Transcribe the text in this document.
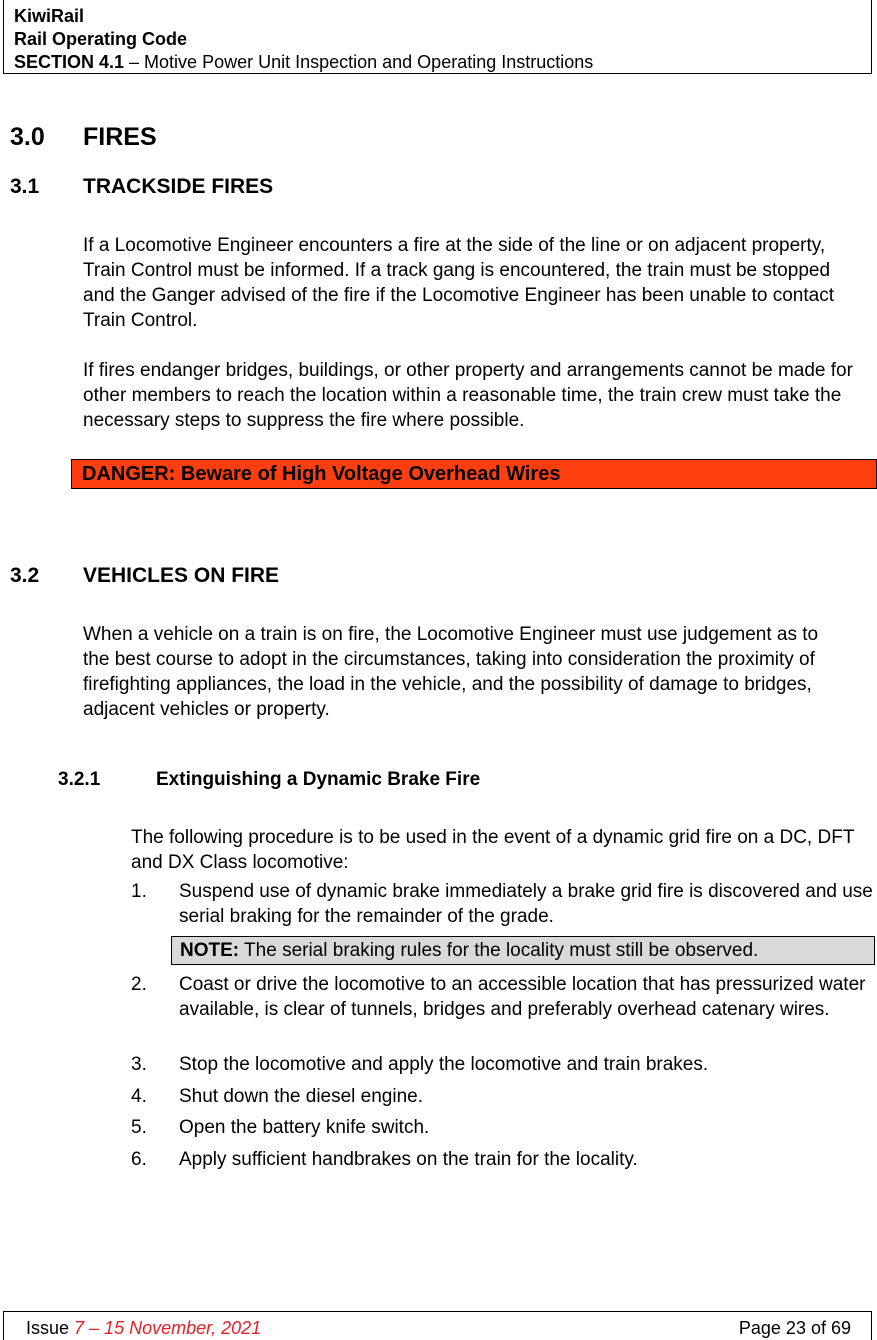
KiwiRail
Rail Operating Code
SECTION 4.1 – Motive Power Unit Inspection and Operating Instructions
3.0 FIRES
3.1 TRACKSIDE FIRES
If a Locomotive Engineer encounters a fire at the side of the line or on adjacent property, Train Control must be informed. If a track gang is encountered, the train must be stopped and the Ganger advised of the fire if the Locomotive Engineer has been unable to contact Train Control.
If fires endanger bridges, buildings, or other property and arrangements cannot be made for other members to reach the location within a reasonable time, the train crew must take the necessary steps to suppress the fire where possible.
DANGER: Beware of High Voltage Overhead Wires
3.2 VEHICLES ON FIRE
When a vehicle on a train is on fire, the Locomotive Engineer must use judgement as to the best course to adopt in the circumstances, taking into consideration the proximity of firefighting appliances, the load in the vehicle, and the possibility of damage to bridges, adjacent vehicles or property.
3.2.1	Extinguishing a Dynamic Brake Fire
The following procedure is to be used in the event of a dynamic grid fire on a DC, DFT and DX Class locomotive:
1. Suspend use of dynamic brake immediately a brake grid fire is discovered and use serial braking for the remainder of the grade.
NOTE: The serial braking rules for the locality must still be observed.
2. Coast or drive the locomotive to an accessible location that has pressurized water available, is clear of tunnels, bridges and preferably overhead catenary wires.
3. Stop the locomotive and apply the locomotive and train brakes.
4. Shut down the diesel engine.
5. Open the battery knife switch.
6. Apply sufficient handbrakes on the train for the locality.
Issue 7 – 15 November, 2021	Page 23 of 69
